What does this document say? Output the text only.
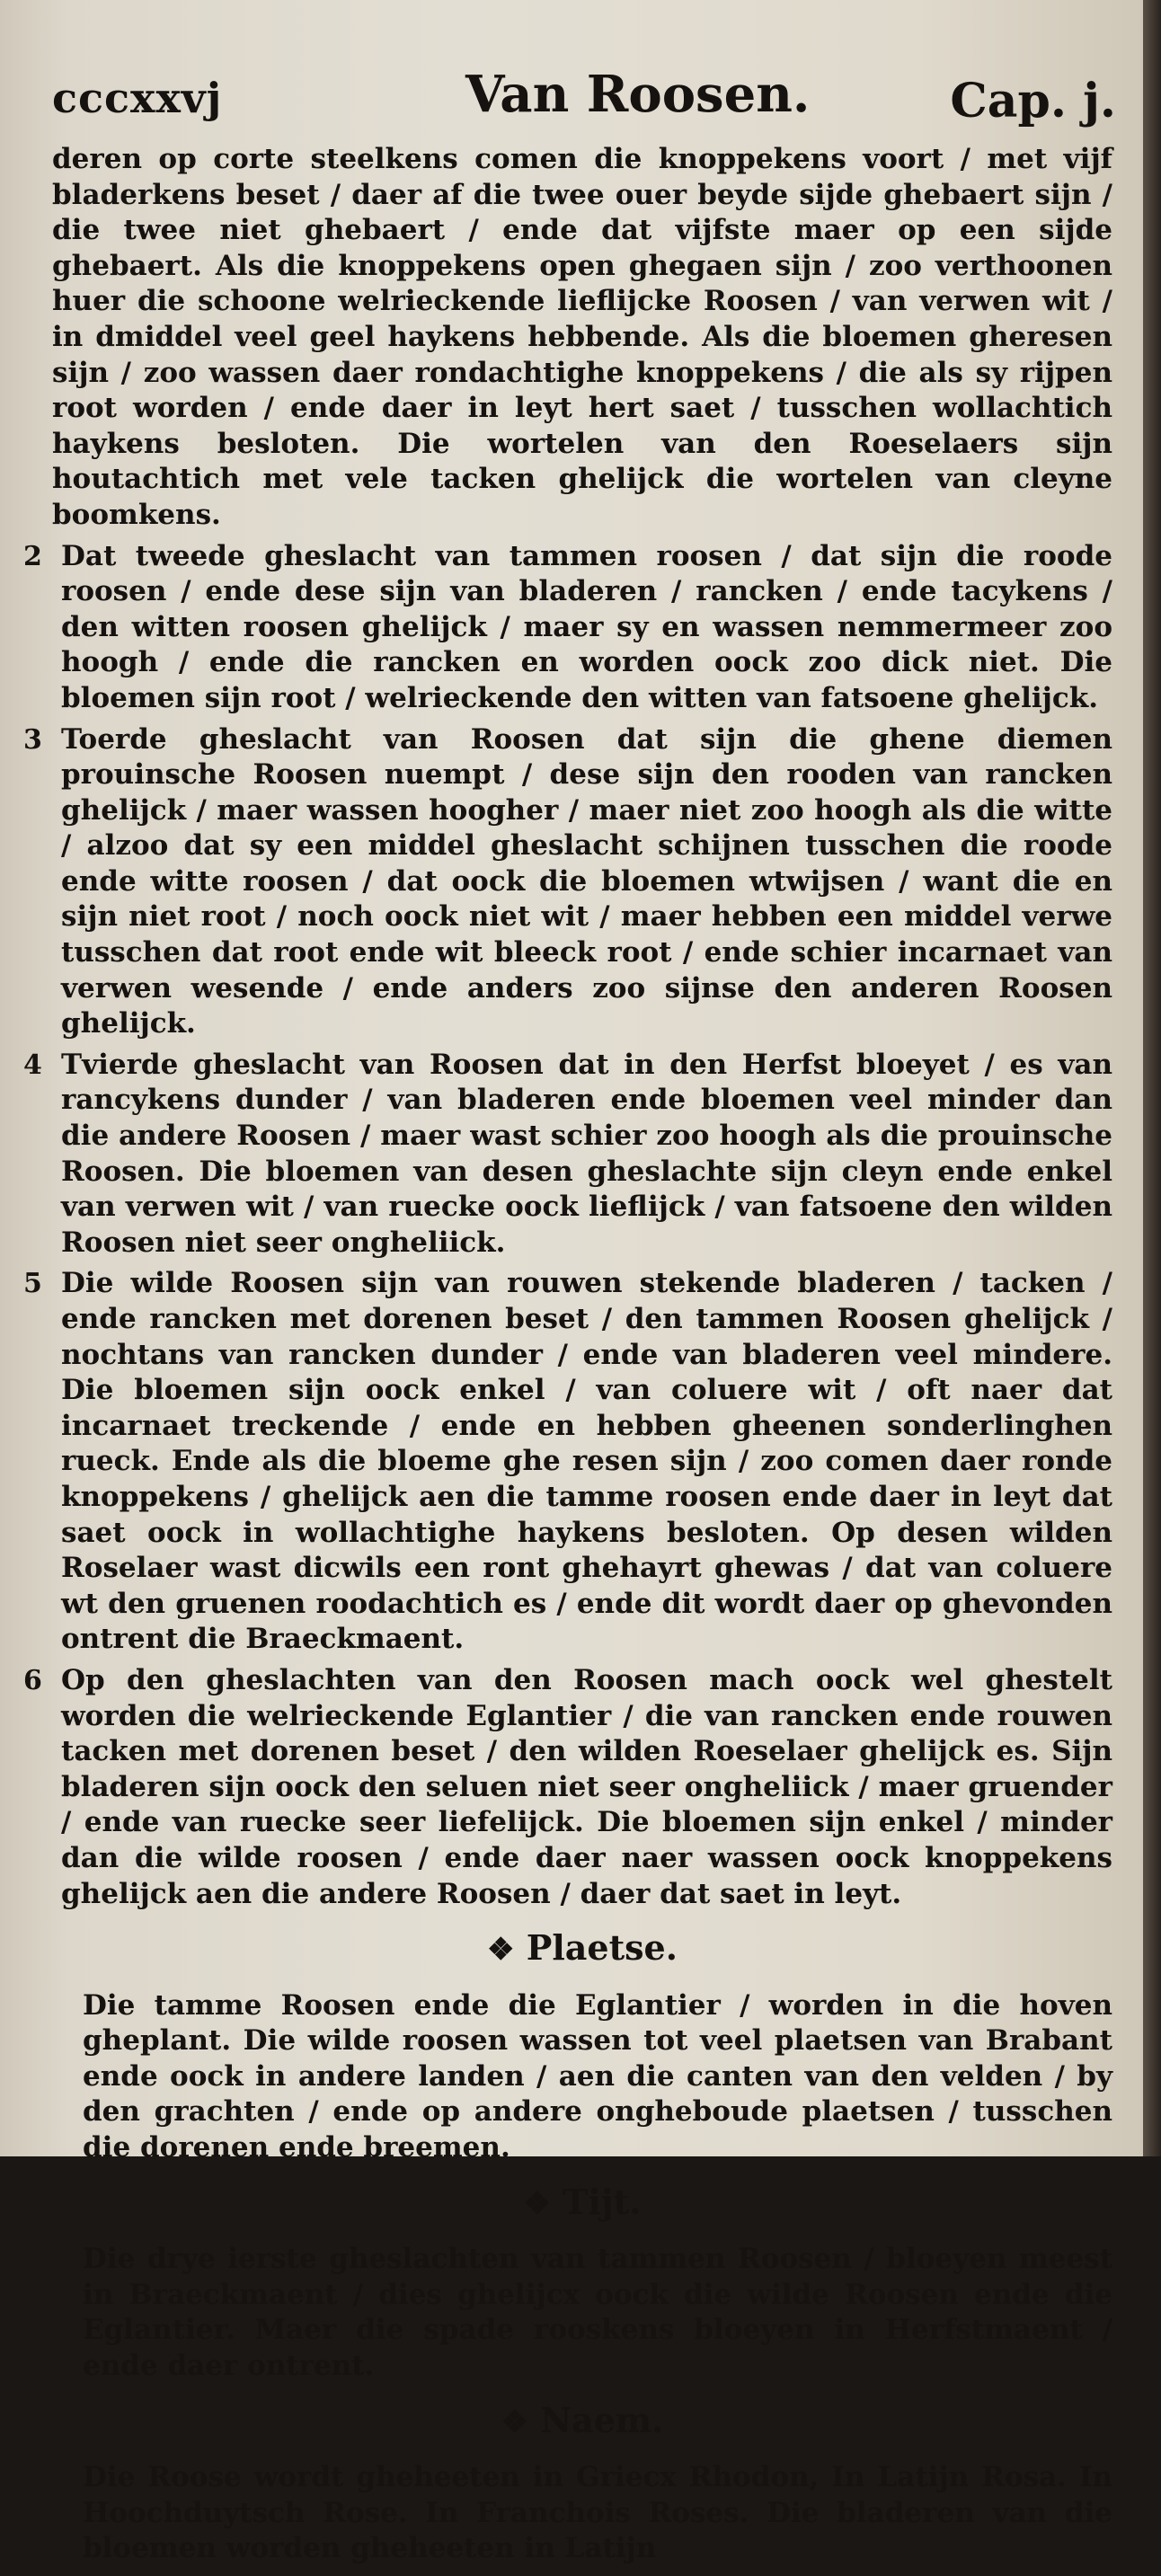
cccxxvj	Van Roosen.	Cap. j.

deren op corte steelkens comen die knoppekens voort / met vijf bladerkens beset / daer af die twee ouer beyde sijde ghebaert sijn / die twee niet ghebaert / ende dat vijfste maer op een sijde ghebaert. Als die knoppekens open ghegaen sijn / zoo verthoonen huer die schoone welrieckende lieflijcke Roosen / van verwen wit / in dmiddel veel geel haykens hebbende. Als die bloemen gheresen sijn / zoo wassen daer rondachtighe knoppekens / die als sy rijpen root worden / ende daer in leyt hert saet / tusschen wollachtich haykens besloten. Die wortelen van den Roeselaers sijn houtachtich met vele tacken ghelijck die wortelen van cleyne boomkens.

2 Dat tweede gheslacht van tammen roosen / dat sijn die roode roosen / ende dese sijn van bladeren / rancken / ende tacykens / den witten roosen ghelijck / maer sy en wassen nemmermeer zoo hoogh / ende die rancken en worden oock zoo dick niet. Die bloemen sijn root / welrieckende den witten van fatsoene ghelijck.

3 Toerde gheslacht van Roosen dat sijn die ghene diemen prouinsche Roosen nuempt / dese sijn den rooden van rancken ghelijck / maer wassen hoogher / maer niet zoo hoogh als die witte / alzoo dat sy een middel gheslacht schijnen tusschen die roode ende witte roosen / dat oock die bloemen wtwijsen / want die en sijn niet root / noch oock niet wit / maer hebben een middel verwe tusschen dat root ende wit bleeck root / ende schier incarnaet van verwen wesende / ende anders zoo sijnse den anderen Roosen ghelijck.

4 Tvierde gheslacht van Roosen dat in den Herfst bloeyet / es van rancykens dunder / van bladeren ende bloemen veel minder dan die andere Roosen / maer wast schier zoo hoogh als die prouinsche Roosen. Die bloemen van desen gheslachte sijn cleyn ende enkel van verwen wit / van ruecke oock lieflijck / van fatsoene den wilden Roosen niet seer ongheliick.

5 Die wilde Roosen sijn van rouwen stekende bladeren / tacken / ende rancken met dorenen beset / den tammen Roosen ghelijck / nochtans van rancken dunder / ende van bladeren veel mindere. Die bloemen sijn oock enkel / van coluere wit / oft naer dat incarnaet treckende / ende en hebben gheenen sonderlinghen rueck. Ende als die bloeme ghe resen sijn / zoo comen daer ronde knoppekens / ghelijck aen die tamme roosen ende daer in leyt dat saet oock in wollachtighe haykens besloten. Op desen wilden Roselaer wast dicwils een ront ghehayrt ghewas / dat van coluere wt den gruenen roodachtich es / ende dit wordt daer op ghevonden ontrent die Braeckmaent.

6 Op den gheslachten van den Roosen mach oock wel ghestelt worden die welrieckende Eglantier / die van rancken ende rouwen tacken met dorenen beset / den wilden Roeselaer ghelijck es. Sijn bladeren sijn oock den seluen niet seer ongheliick / maer gruender / ende van ruecke seer liefelijck. Die bloemen sijn enkel / minder dan die wilde roosen / ende daer naer wassen oock knoppekens ghelijck aen die andere Roosen / daer dat saet in leyt.

❖ Plaetse.

Die tamme Roosen ende die Eglantier / worden in die hoven gheplant. Die wilde roosen wassen tot veel plaetsen van Brabant ende oock in andere landen / aen die canten van den velden / by den grachten / ende op andere ongheboude plaetsen / tusschen die dorenen ende breemen.

❖ Tijt.

Die drye ierste gheslachten van tammen Roosen / bloeyen meest in Braeckmaent / dies ghelijcx oock die wilde Roosen ende die Eglantier. Maer die spade rooskens bloeyen in Herfstmaent / ende daer ontrent.

❖ Naem.

Die Roose wordt gheheeten in Griecx Rhodon, In Latijn Rosa. In Hoochduytsch Rose. In Franchois Roses. Die bladeren van die bloemen worden gheheeten in Latijn
